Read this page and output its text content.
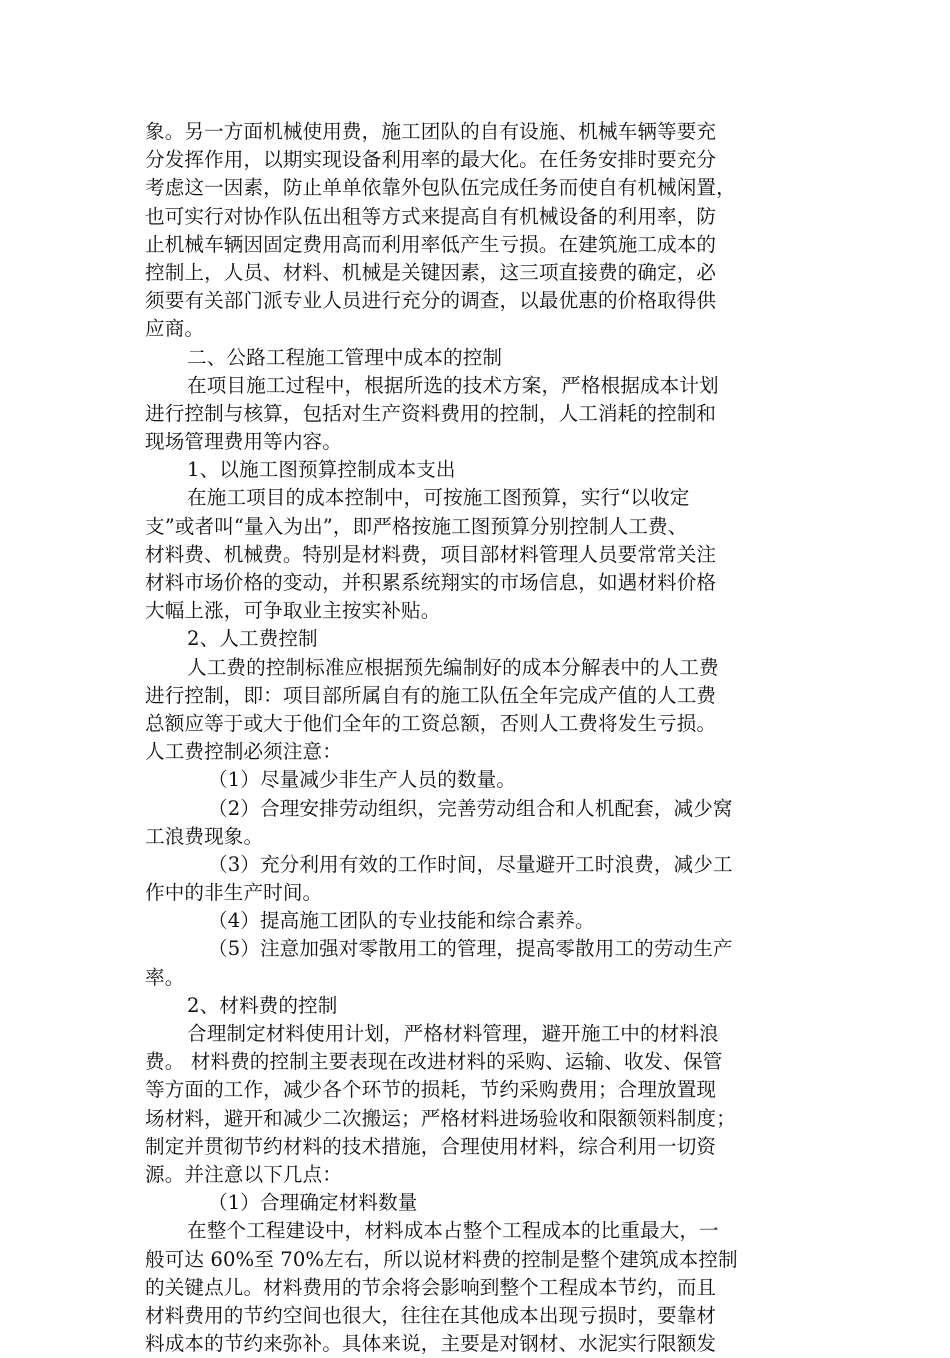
象。另一方面机械使用费，施工团队的自有设施、机械车辆等要充
分发挥作用，以期实现设备利用率的最大化。在任务安排时要充分
考虑这一因素，防止单单依靠外包队伍完成任务而使自有机械闲置，
也可实行对协作队伍出租等方式来提高自有机械设备的利用率，防
止机械车辆因固定费用高而利用率低产生亏损。在建筑施工成本的
控制上，人员、材料、机械是关键因素，这三项直接费的确定，必
须要有关部门派专业人员进行充分的调查，以最优惠的价格取得供
应商。
二、公路工程施工管理中成本的控制
在项目施工过程中，根据所选的技术方案，严格根据成本计划
进行控制与核算，包括对生产资料费用的控制，人工消耗的控制和
现场管理费用等内容。
1、以施工图预算控制成本支出
在施工项目的成本控制中，可按施工图预算，实行“以收定
支”或者叫“量入为出”，即严格按施工图预算分别控制人工费、
材料费、机械费。特别是材料费，项目部材料管理人员要常常关注
材料市场价格的变动，并积累系统翔实的市场信息，如遇材料价格
大幅上涨，可争取业主按实补贴。
2、人工费控制
人工费的控制标准应根据预先编制好的成本分解表中的人工费
进行控制，即：项目部所属自有的施工队伍全年完成产值的人工费
总额应等于或大于他们全年的工资总额，否则人工费将发生亏损。
人工费控制必须注意：
（1）尽量减少非生产人员的数量。
（2）合理安排劳动组织，完善劳动组合和人机配套，减少窝
工浪费现象。
（3）充分利用有效的工作时间，尽量避开工时浪费，减少工
作中的非生产时间。
（4）提高施工团队的专业技能和综合素养。
（5）注意加强对零散用工的管理，提高零散用工的劳动生产
率。
2、材料费的控制
合理制定材料使用计划，严格材料管理，避开施工中的材料浪
费。 材料费的控制主要表现在改进材料的采购、运输、收发、保管
等方面的工作，减少各个环节的损耗，节约采购费用；合理放置现
场材料，避开和减少二次搬运；严格材料进场验收和限额领料制度；
制定并贯彻节约材料的技术措施，合理使用材料，综合利用一切资
源。并注意以下几点：
（1）合理确定材料数量
在整个工程建设中，材料成本占整个工程成本的比重最大，一
般可达 60%至 70%左右，所以说材料费的控制是整个建筑成本控制
的关键点儿。材料费用的节余将会影响到整个工程成本节约，而且
材料费用的节约空间也很大，往往在其他成本出现亏损时，要靠材
料成本的节约来弥补。具体来说，主要是对钢材、水泥实行限额发
